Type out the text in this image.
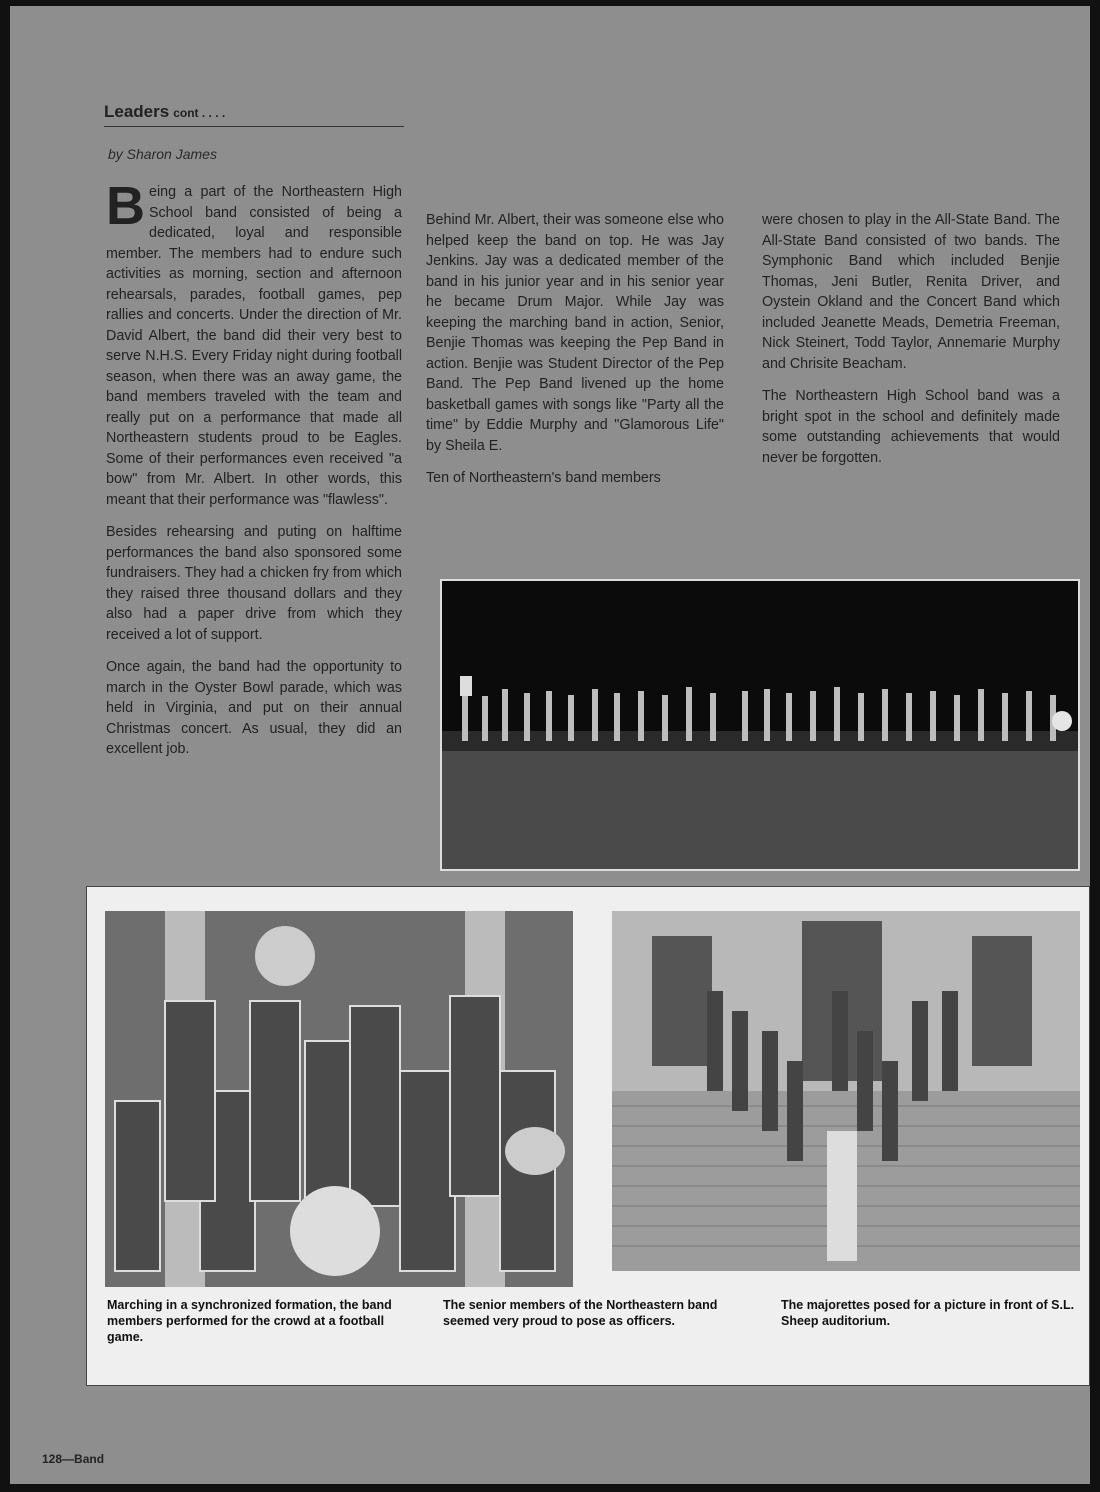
Leaders cont . . . .
by Sharon James

Being a part of the Northeastern High School band consisted of being a dedicated, loyal and responsible member. The members had to endure such activities as morning, section and afternoon rehearsals, parades, football games, pep rallies and concerts. Under the direction of Mr. David Albert, the band did their very best to serve N.H.S. Every Friday night during football season, when there was an away game, the band members traveled with the team and really put on a performance that made all Northeastern students proud to be Eagles. Some of their performances even received "a bow" from Mr. Albert. In other words, this meant that their performance was "flawless".

Besides rehearsing and puting on halftime performances the band also sponsored some fundraisers. They had a chicken fry from which they raised three thousand dollars and they also had a paper drive from which they received a lot of support.

Once again, the band had the opportunity to march in the Oyster Bowl parade, which was held in Virginia, and put on their annual Christmas concert. As usual, they did an excellent job.

Behind Mr. Albert, their was someone else who helped keep the band on top. He was Jay Jenkins. Jay was a dedicated member of the band in his junior year and in his senior year he became Drum Major. While Jay was keeping the marching band in action, Senior, Benjie Thomas was keeping the Pep Band in action. Benjie was Student Director of the Pep Band. The Pep Band livened up the home basketball games with songs like "Party all the time" by Eddie Murphy and "Glamorous Life" by Sheila E.

Ten of Northeastern's band members

were chosen to play in the All-State Band. The All-State Band consisted of two bands. The Symphonic Band which included Benjie Thomas, Jeni Butler, Renita Driver, and Oystein Okland and the Concert Band which included Jeanette Meads, Demetria Freeman, Nick Steinert, Todd Taylor, Annemarie Murphy and Chrisite Beacham.

The Northeastern High School band was a bright spot in the school and definitely made some outstanding achievements that would never be forgotten.

Marching in a synchronized formation, the band members performed for the crowd at a football game.
The senior members of the Northeastern band seemed very proud to pose as officers.
The majorettes posed for a picture in front of S.L. Sheep auditorium.
128—Band
